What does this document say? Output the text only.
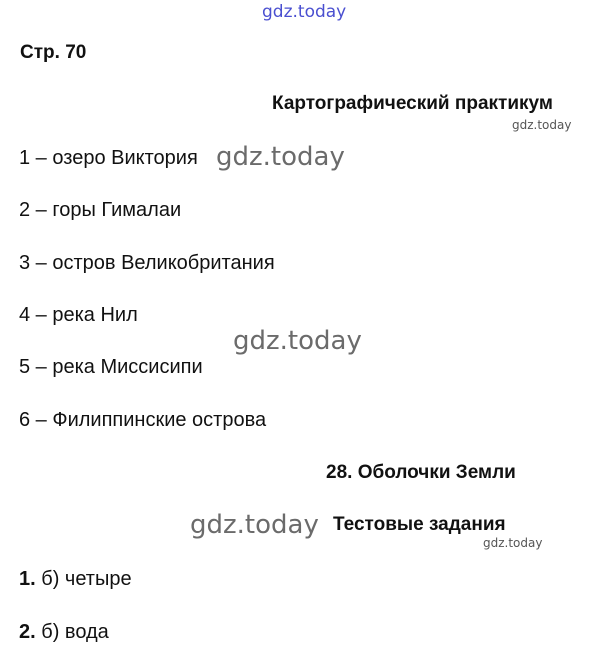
gdz.today
gdz.today
gdz.today
gdz.today
gdz.today
gdz.today
Стр. 70
Картографический практикум
1 – озеро Виктория
2 – горы Гималаи
3 – остров Великобритания
4 – река Нил
5 – река Миссисипи
6 – Филиппинские острова
28. Оболочки Земли
Тестовые задания
1. б) четыре
2. б) вода
